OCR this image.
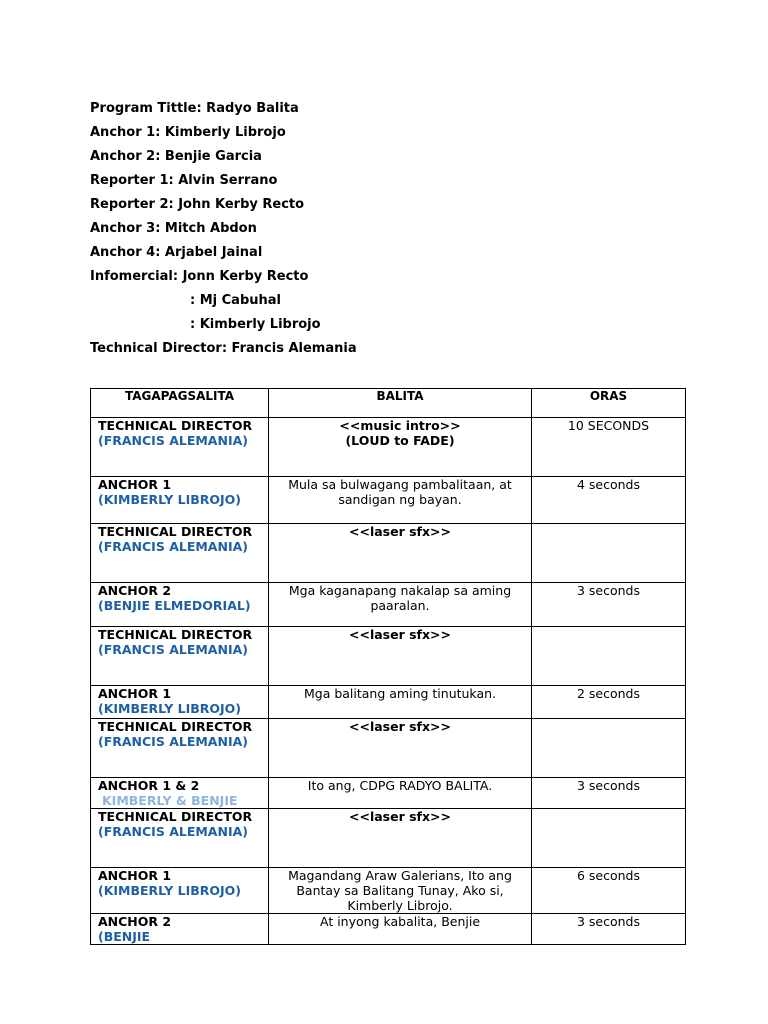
Program Tittle: Radyo Balita
Anchor 1: Kimberly Librojo
Anchor 2: Benjie Garcia
Reporter 1: Alvin Serrano
Reporter 2: John Kerby Recto
Anchor 3: Mitch Abdon
Anchor 4: Arjabel Jainal
Infomercial: Jonn Kerby Recto
: Mj Cabuhal
: Kimberly Librojo
Technical Director: Francis Alemania
TAGAPAGSALITA	BALITA	ORAS

TECHNICAL DIRECTOR
(FRANCIS ALEMANIA)	<<music intro>>
(LOUD to FADE)	10 SECONDS

ANCHOR 1
(KIMBERLY LIBROJO)	Mula sa bulwagang pambalitaan, at sandigan ng bayan.	4 seconds

TECHNICAL DIRECTOR
(FRANCIS ALEMANIA)	<<laser sfx>>	

ANCHOR 2
(BENJIE ELMEDORIAL)	Mga kaganapang nakalap sa aming paaralan.	3 seconds

TECHNICAL DIRECTOR
(FRANCIS ALEMANIA)	<<laser sfx>>	

ANCHOR 1
(KIMBERLY LIBROJO)	Mga balitang aming tinutukan.	2 seconds

TECHNICAL DIRECTOR
(FRANCIS ALEMANIA)	<<laser sfx>>	

ANCHOR 1 & 2
KIMBERLY & BENJIE	Ito ang, CDPG RADYO BALITA.	3 seconds

TECHNICAL DIRECTOR
(FRANCIS ALEMANIA)	<<laser sfx>>	

ANCHOR 1
(KIMBERLY LIBROJO)	Magandang Araw Galerians, Ito ang Bantay sa Balitang Tunay, Ako si, Kimberly Librojo.	6 seconds

ANCHOR 2
(BENJIE	At inyong kabalita, Benjie	3 seconds
